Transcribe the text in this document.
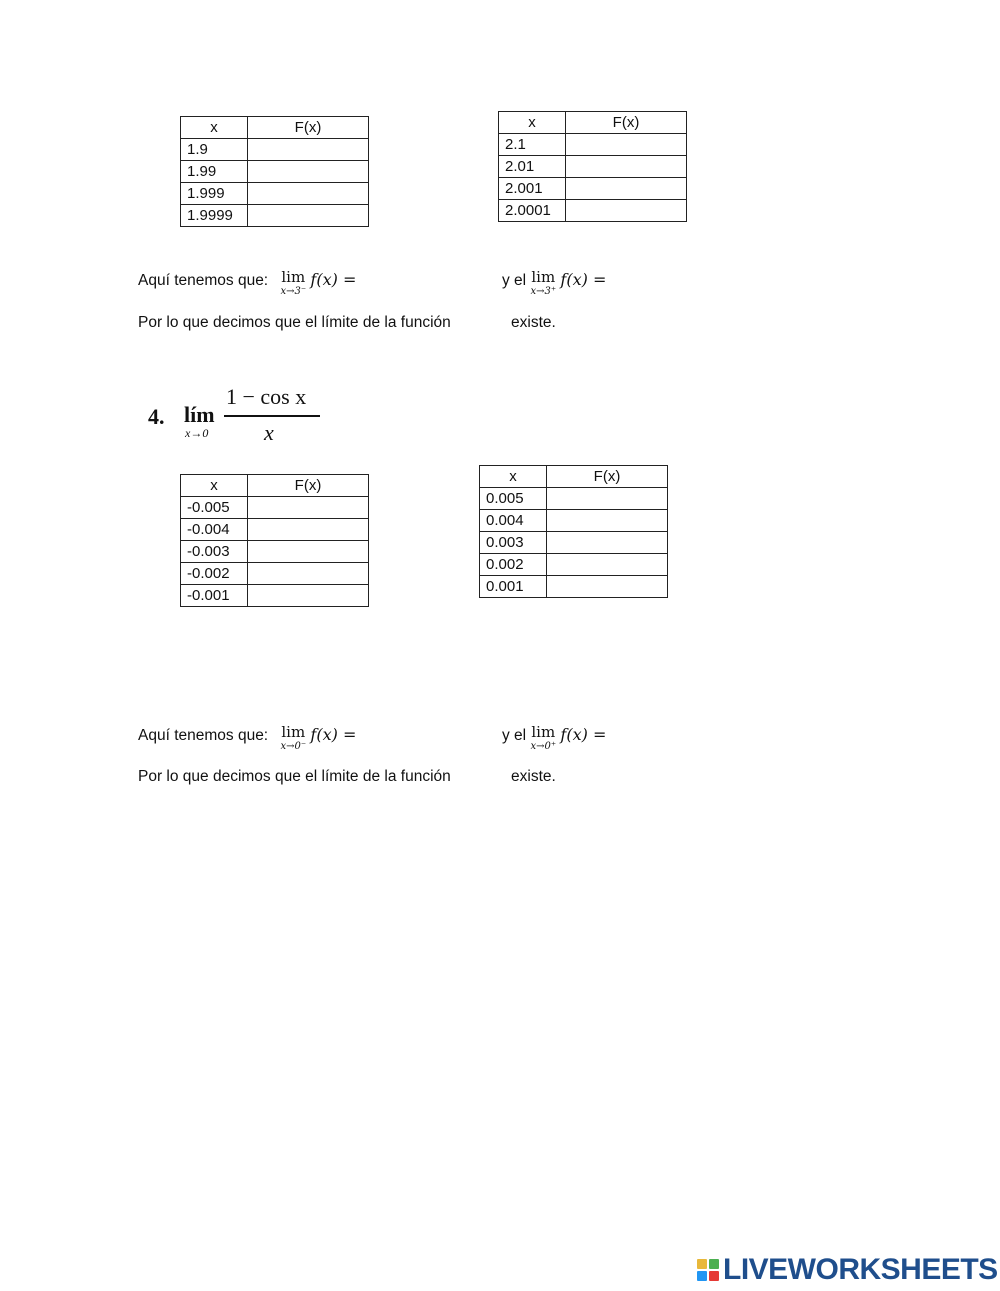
x	F(x)
1.9	
1.99	
1.999	
1.9999	
x	F(x)
2.1	
2.01	
2.001	
2.0001	
Aquí tenemos que: lim
x→3⁻
f(x) =	y el lim
x→3⁺
f(x) =
Por lo que decimos que el límite de la función	existe.
4. lím
x→0
1 − cos x
x
x	F(x)
-0.005	
-0.004	
-0.003	
-0.002	
-0.001	
x	F(x)
0.005	
0.004	
0.003	
0.002	
0.001	
Aquí tenemos que: lim
x→0⁻
f(x) =	y el lim
x→0⁺
f(x) =
Por lo que decimos que el límite de la función	existe.
LIVEWORKSHEETS
